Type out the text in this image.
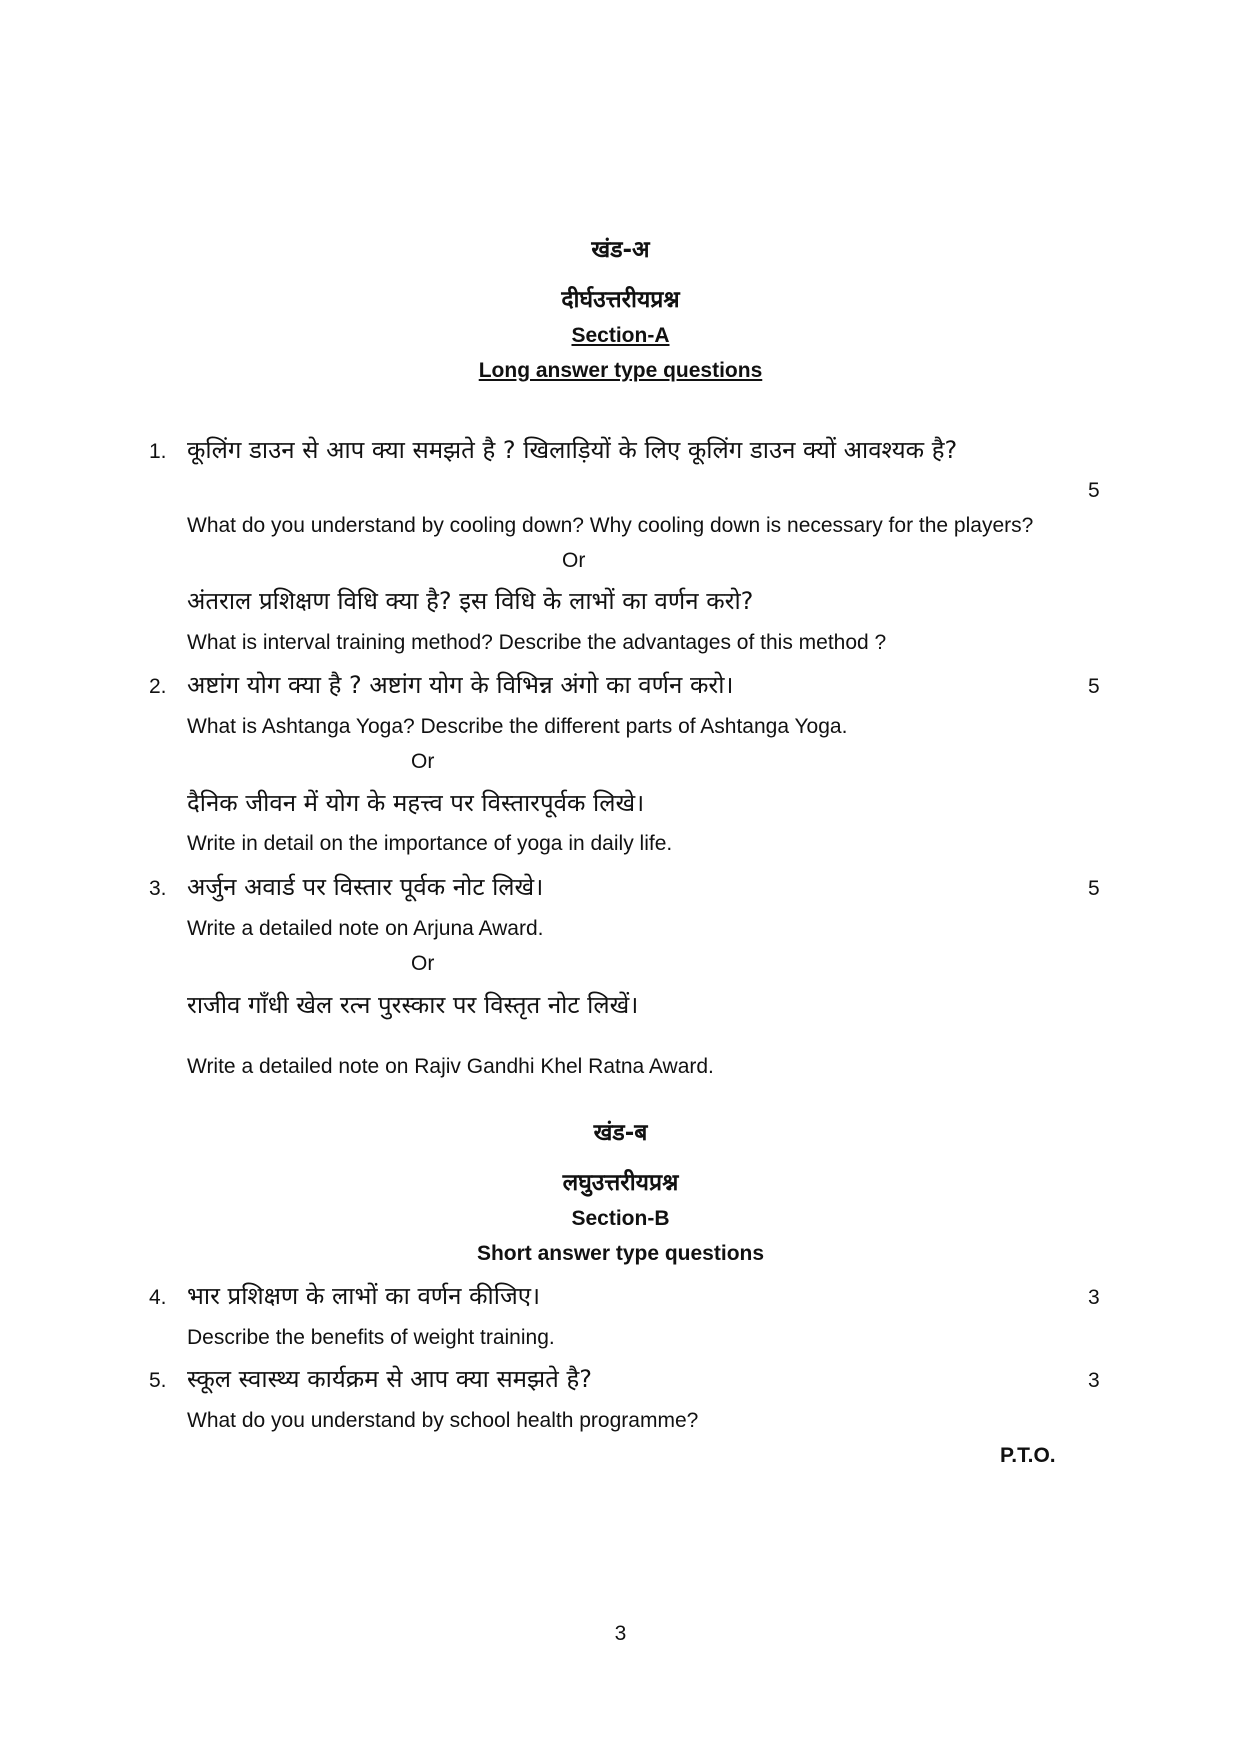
खंड-अ
दीर्घउत्तरीयप्रश्न
Section-A
Long answer type questions
1. कूलिंग डाउन से आप क्या समझते है ? खिलाड़ियों के लिए कूलिंग डाउन क्यों आवश्यक है?
5
What do you understand by cooling down? Why cooling down is necessary for the players?
Or
अंतराल प्रशिक्षण विधि क्या है? इस विधि के लाभों का वर्णन करो?
What is interval training method? Describe the advantages of this method ?
2. अष्टांग योग क्या है ? अष्टांग योग के विभिन्न अंगो का वर्णन करो।	5
What is Ashtanga Yoga? Describe the different parts of Ashtanga Yoga.
Or
दैनिक जीवन में योग के महत्त्व पर विस्तारपूर्वक लिखे।
Write in detail on the importance of yoga in daily life.
3. अर्जुन अवार्ड पर विस्तार पूर्वक नोट लिखे।	5
Write a detailed note on Arjuna Award.
Or
राजीव गाँधी खेल रत्न पुरस्कार पर विस्तृत नोट लिखें।
Write a detailed note on Rajiv Gandhi Khel Ratna Award.
खंड-ब
लघुउत्तरीयप्रश्न
Section-B
Short answer type questions
4. भार प्रशिक्षण के लाभों का वर्णन कीजिए।	3
Describe the benefits of weight training.
5. स्कूल स्वास्थ्य कार्यक्रम से आप क्या समझते है?	3
What do you understand by school health programme?
P.T.O.
3
